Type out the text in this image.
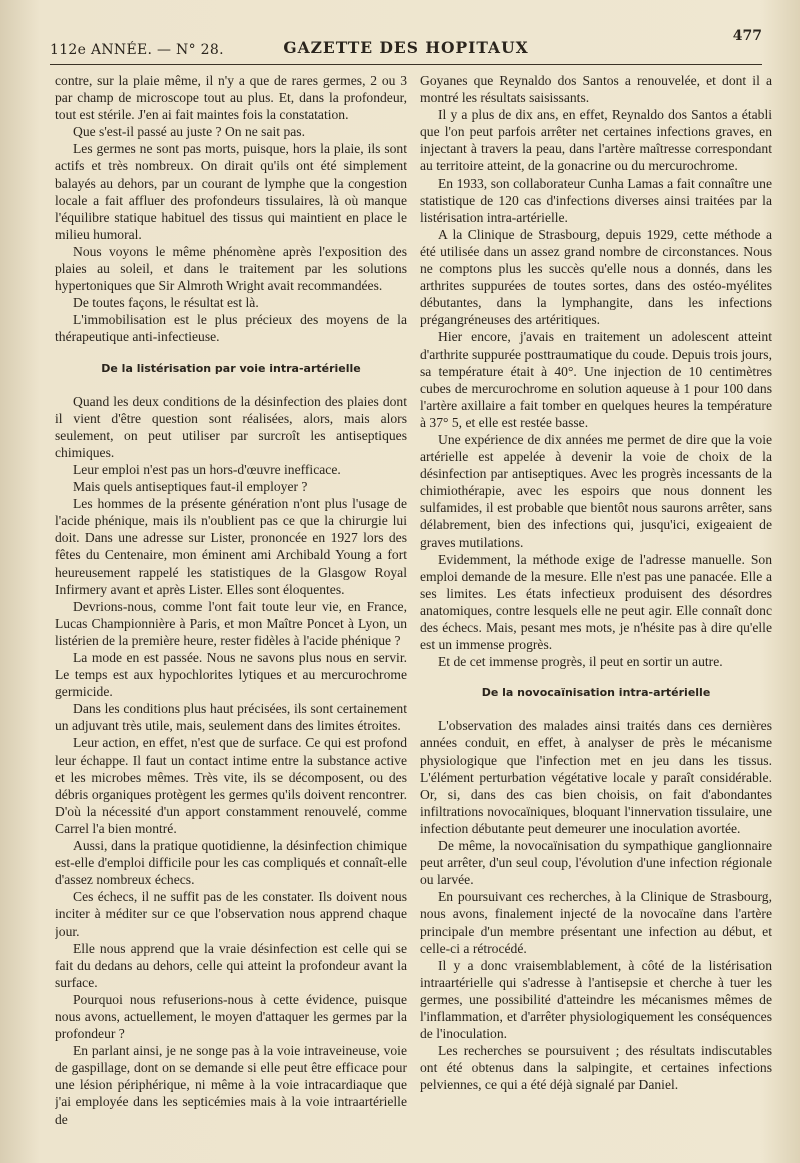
112e ANNÉE. — N° 28.	GAZETTE DES HOPITAUX
477

contre, sur la plaie même, il n'y a que de rares germes, 2 ou 3 par champ de microscope tout au plus. Et, dans la profondeur, tout est stérile. J'en ai fait maintes fois la constatation.

Que s'est-il passé au juste ? On ne sait pas.

Les germes ne sont pas morts, puisque, hors la plaie, ils sont actifs et très nombreux. On dirait qu'ils ont été simplement balayés au dehors, par un courant de lymphe que la congestion locale a fait affluer des profondeurs tissulaires, là où manque l'équilibre statique habituel des tissus qui maintient en place le milieu humoral.

Nous voyons le même phénomène après l'exposition des plaies au soleil, et dans le traitement par les solutions hypertoniques que Sir Almroth Wright avait recommandées.

De toutes façons, le résultat est là.

L'immobilisation est le plus précieux des moyens de la thérapeutique anti-infectieuse.

De la listérisation par voie intra-artérielle

Quand les deux conditions de la désinfection des plaies dont il vient d'être question sont réalisées, alors, mais alors seulement, on peut utiliser par surcroît les antiseptiques chimiques.

Leur emploi n'est pas un hors-d'œuvre inefficace.

Mais quels antiseptiques faut-il employer ?

Les hommes de la présente génération n'ont plus l'usage de l'acide phénique, mais ils n'oublient pas ce que la chirurgie lui doit. Dans une adresse sur Lister, prononcée en 1927 lors des fêtes du Centenaire, mon éminent ami Archibald Young a fort heureusement rappelé les statistiques de la Glasgow Royal Infirmery avant et après Lister. Elles sont éloquentes.

Devrions-nous, comme l'ont fait toute leur vie, en France, Lucas Championnière à Paris, et mon Maître Poncet à Lyon, un listérien de la première heure, rester fidèles à l'acide phénique ?

La mode en est passée. Nous ne savons plus nous en servir. Le temps est aux hypochlorites lytiques et au mercurochrome germicide.

Dans les conditions plus haut précisées, ils sont certainement un adjuvant très utile, mais, seulement dans des limites étroites.

Leur action, en effet, n'est que de surface. Ce qui est profond leur échappe. Il faut un contact intime entre la substance active et les microbes mêmes. Très vite, ils se décomposent, ou des débris organiques protègent les germes qu'ils doivent rencontrer. D'où la nécessité d'un apport constamment renouvelé, comme Carrel l'a bien montré.

Aussi, dans la pratique quotidienne, la désinfection chimique est-elle d'emploi difficile pour les cas compliqués et connaît-elle d'assez nombreux échecs.

Ces échecs, il ne suffit pas de les constater. Ils doivent nous inciter à méditer sur ce que l'observation nous apprend chaque jour.

Elle nous apprend que la vraie désinfection est celle qui se fait du dedans au dehors, celle qui atteint la profondeur avant la surface.

Pourquoi nous refuserions-nous à cette évidence, puisque nous avons, actuellement, le moyen d'attaquer les germes par la profondeur ?

En parlant ainsi, je ne songe pas à la voie intraveineuse, voie de gaspillage, dont on se demande si elle peut être efficace pour une lésion périphérique, ni même à la voie intracardiaque que j'ai employée dans les septicémies mais à la voie intraartérielle de

Goyanes que Reynaldo dos Santos a renouvelée, et dont il a montré les résultats saisissants.

Il y a plus de dix ans, en effet, Reynaldo dos Santos a établi que l'on peut parfois arrêter net certaines infections graves, en injectant à travers la peau, dans l'artère maîtresse correspondant au territoire atteint, de la gonacrine ou du mercurochrome.

En 1933, son collaborateur Cunha Lamas a fait connaître une statistique de 120 cas d'infections diverses ainsi traitées par la listérisation intra-artérielle.

A la Clinique de Strasbourg, depuis 1929, cette méthode a été utilisée dans un assez grand nombre de circonstances. Nous ne comptons plus les succès qu'elle nous a donnés, dans les arthrites suppurées de toutes sortes, dans des ostéo-myélites débutantes, dans la lymphangite, dans les infections prégangréneuses des artéritiques.

Hier encore, j'avais en traitement un adolescent atteint d'arthrite suppurée posttraumatique du coude. Depuis trois jours, sa température était à 40°. Une injection de 10 centimètres cubes de mercurochrome en solution aqueuse à 1 pour 100 dans l'artère axillaire a fait tomber en quelques heures la température à 37° 5, et elle est restée basse.

Une expérience de dix années me permet de dire que la voie artérielle est appelée à devenir la voie de choix de la désinfection par antiseptiques. Avec les progrès incessants de la chimiothérapie, avec les espoirs que nous donnent les sulfamides, il est probable que bientôt nous saurons arrêter, sans délabrement, bien des infections qui, jusqu'ici, exigeaient de graves mutilations.

Evidemment, la méthode exige de l'adresse manuelle. Son emploi demande de la mesure. Elle n'est pas une panacée. Elle a ses limites. Les états infectieux produisent des désordres anatomiques, contre lesquels elle ne peut agir. Elle connaît donc des échecs. Mais, pesant mes mots, je n'hésite pas à dire qu'elle est un immense progrès.

Et de cet immense progrès, il peut en sortir un autre.

De la novocaïnisation intra-artérielle

L'observation des malades ainsi traités dans ces dernières années conduit, en effet, à analyser de près le mécanisme physiologique que l'infection met en jeu dans les tissus. L'élément perturbation végétative locale y paraît considérable. Or, si, dans des cas bien choisis, on fait d'abondantes infiltrations novocaïniques, bloquant l'innervation tissulaire, une infection débutante peut demeurer une inoculation avortée.

De même, la novocaïnisation du sympathique ganglionnaire peut arrêter, d'un seul coup, l'évolution d'une infection régionale ou larvée.

En poursuivant ces recherches, à la Clinique de Strasbourg, nous avons, finalement injecté de la novocaïne dans l'artère principale d'un membre présentant une infection au début, et celle-ci a rétrocédé.

Il y a donc vraisemblablement, à côté de la listérisation intraartérielle qui s'adresse à l'antisepsie et cherche à tuer les germes, une possibilité d'atteindre les mécanismes mêmes de l'inflammation, et d'arrêter physiologiquement les conséquences de l'inoculation.

Les recherches se poursuivent ; des résultats indiscutables ont été obtenus dans la salpingite, et certaines infections pelviennes, ce qui a été déjà signalé par Daniel.
